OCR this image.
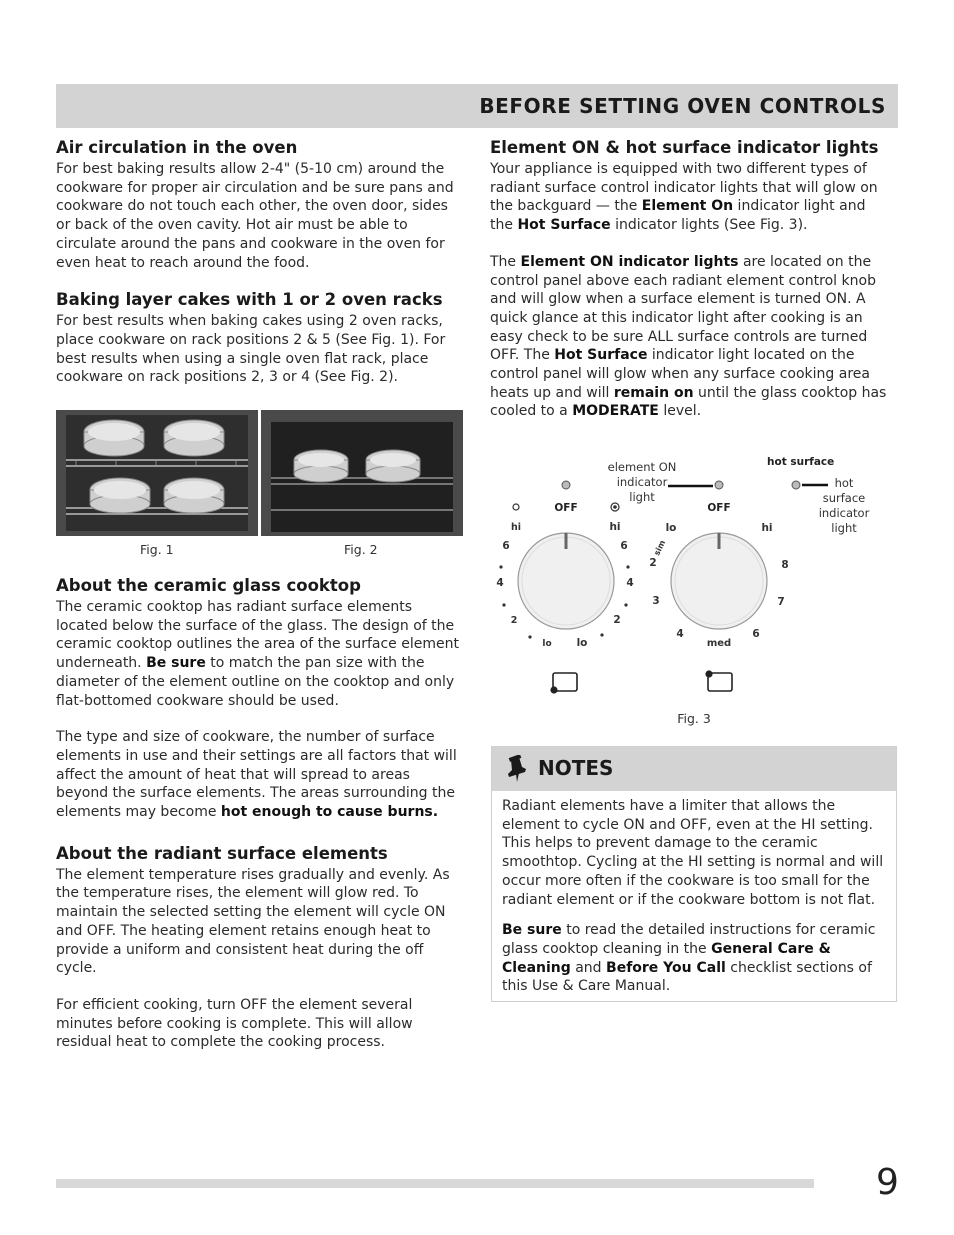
BEFORE SETTING OVEN CONTROLS
Air circulation in the oven

For best baking results allow 2-4" (5-10 cm) around the cookware for proper air circulation and be sure pans and cookware do not touch each other, the oven door, sides or back of the oven cavity. Hot air must be able to circulate around the pans and cookware in the oven for even heat to reach around the food.

Baking layer cakes with 1 or 2 oven racks

For best results when baking cakes using 2 oven racks, place cookware on rack positions 2 & 5 (See Fig. 1). For best results when using a single oven flat rack, place cookware on rack positions 2, 3 or 4 (See Fig. 2).

Fig. 1	Fig. 2
About the ceramic glass cooktop

The ceramic cooktop has radiant surface elements located below the surface of the glass. The design of the ceramic cooktop outlines the area of the surface element underneath. Be sure to match the pan size with the diameter of the element outline on the cooktop and only flat-bottomed cookware should be used.

The type and size of cookware, the number of surface elements in use and their settings are all factors that will affect the amount of heat that will spread to areas beyond the surface elements. The areas surrounding the elements may become hot enough to cause burns.

About the radiant surface elements

The element temperature rises gradually and evenly. As the temperature rises, the element will glow red. To maintain the selected setting the element will cycle ON and OFF. The heating element retains enough heat to provide a uniform and consistent heat during the off cycle.

For efficient cooking, turn OFF the element several minutes before cooking is complete. This will allow residual heat to complete the cooking process.

Element ON & hot surface indicator lights

Your appliance is equipped with two different types of radiant surface control indicator lights that will glow on the backguard — the Element On indicator light and the Hot Surface indicator lights (See Fig. 3).

The Element ON indicator lights are located on the control panel above each radiant element control knob and will glow when a surface element is turned ON. A quick glance at this indicator light after cooking is an easy check to be sure ALL surface controls are turned OFF. The Hot Surface indicator light located on the control panel will glow when any surface cooking area heats up and will remain on until the glass cooktop has cooled to a MODERATE level.

element ON
indicator
light
hot surface
hot
surface
indicator
light
OFF
hi	hi
6
4
2
lo lo
6
4
2
OFF
lo	hi
sim
2
3
4
med
6
7
8
Fig. 3
NOTES

Radiant elements have a limiter that allows the element to cycle ON and OFF, even at the HI setting. This helps to prevent damage to the ceramic smoothtop. Cycling at the HI setting is normal and will occur more often if the cookware is too small for the radiant element or if the cookware bottom is not flat.

Be sure to read the detailed instructions for ceramic glass cooktop cleaning in the General Care & Cleaning and Before You Call checklist sections of this Use & Care Manual.

9
